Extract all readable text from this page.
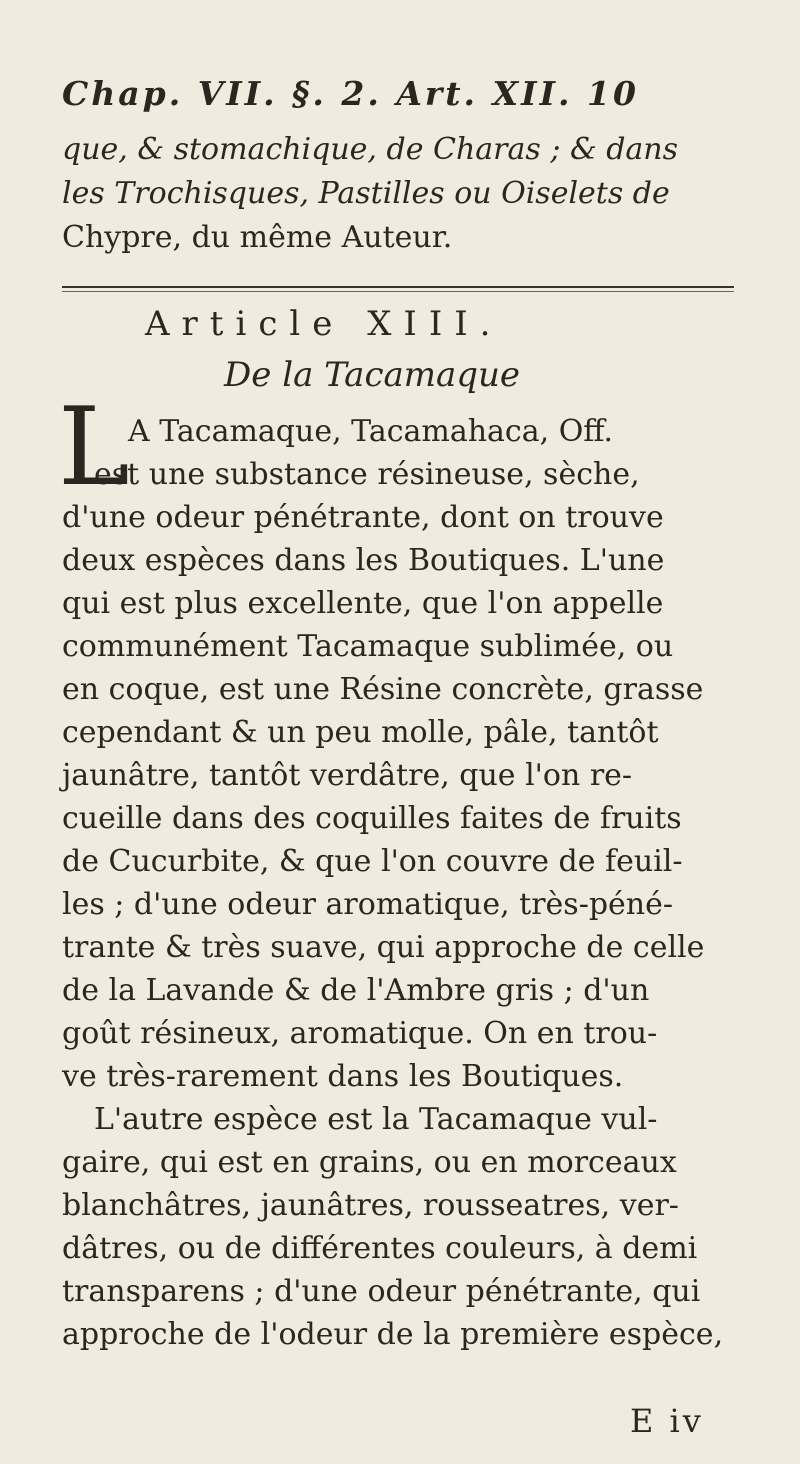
Chap. VII. §. 2. Art. XII. 10
que, & stomachique, de Charas ; & dans
les Trochisques, Pastilles ou Oiselets de
Chypre, du même Auteur.
Article XIII.
De la Tacamaque
L
A Tacamaque, Tacamahaca, Off.
est une substance résineuse, sèche,
d'une odeur pénétrante, dont on trouve
deux espèces dans les Boutiques. L'une
qui est plus excellente, que l'on appelle
communément Tacamaque sublimée, ou
en coque, est une Résine concrète, grasse
cependant & un peu molle, pâle, tantôt
jaunâtre, tantôt verdâtre, que l'on re-
cueille dans des coquilles faites de fruits
de Cucurbite, & que l'on couvre de feuil-
les ; d'une odeur aromatique, très-péné-
trante & très suave, qui approche de celle
de la Lavande & de l'Ambre gris ; d'un
goût résineux, aromatique. On en trou-
ve très-rarement dans les Boutiques.
L'autre espèce est la Tacamaque vul-
gaire, qui est en grains, ou en morceaux
blanchâtres, jaunâtres, rousseatres, ver-
dâtres, ou de différentes couleurs, à demi
transparens ; d'une odeur pénétrante, qui
approche de l'odeur de la première espèce,
E iv
